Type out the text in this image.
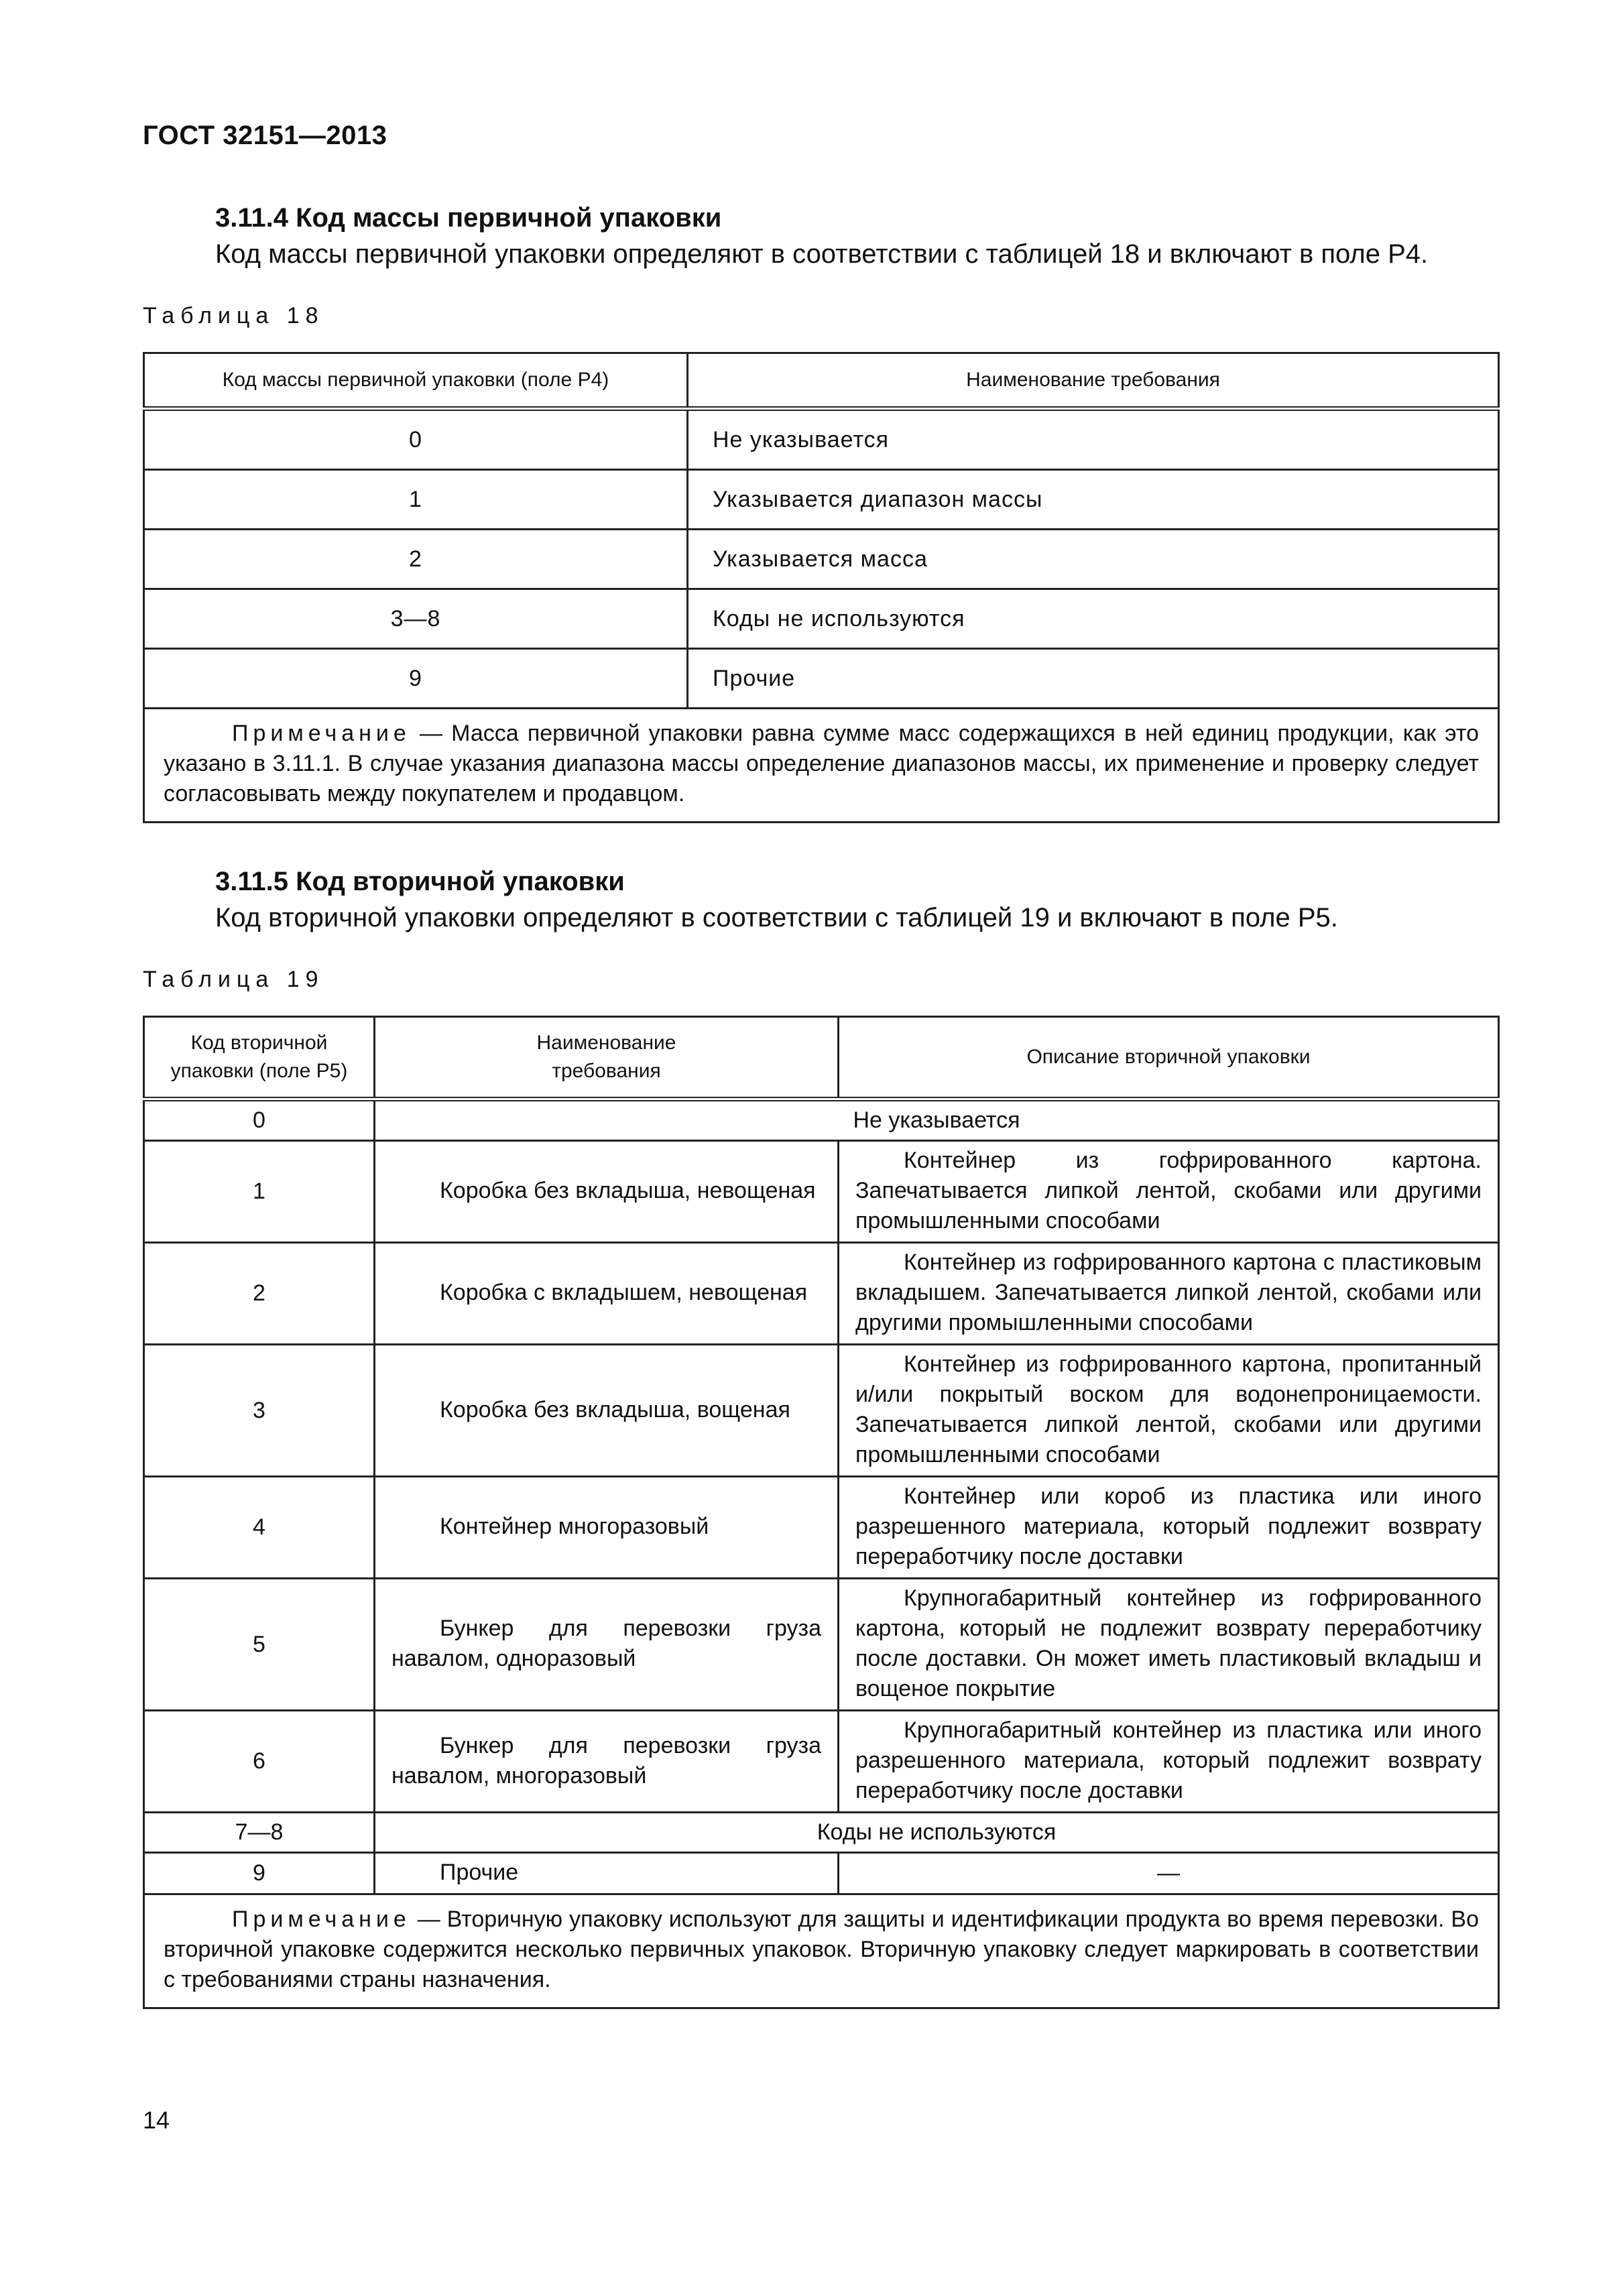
ГОСТ 32151—2013
3.11.4 Код массы первичной упаковки
Код массы первичной упаковки определяют в соответствии с таблицей 18 и включают в поле P4.
Таблица 18
Код массы первичной упаковки (поле P4)	Наименование требования
0	Не указывается
1	Указывается диапазон массы
2	Указывается масса
3—8	Коды не используются
9	Прочие
Примечание — Масса первичной упаковки равна сумме масс содержащихся в ней единиц продукции, как это указано в 3.11.1. В случае указания диапазона массы определение диапазонов массы, их применение и проверку следует согласовывать между покупателем и продавцом.	
3.11.5 Код вторичной упаковки
Код вторичной упаковки определяют в соответствии с таблицей 19 и включают в поле P5.
Таблица 19
Код вторичной упаковки (поле P5)	Наименование требования	Описание вторичной упаковки
0	Не указывается	
1	Коробка без вкладыша, невощеная	Контейнер из гофрированного картона. Запечатывается липкой лентой, скобами или другими промышленными способами
2	Коробка с вкладышем, невощеная	Контейнер из гофрированного картона с пластиковым вкладышем. Запечатывается липкой лентой, скобами или другими промышленными способами
3	Коробка без вкладыша, вощеная	Контейнер из гофрированного картона, пропитанный и/или покрытый воском для водонепроницаемости. Запечатывается липкой лентой, скобами или другими промышленными способами
4	Контейнер многоразовый	Контейнер или короб из пластика или иного разрешенного материала, который подлежит возврату переработчику после доставки
5	Бункер для перевозки груза навалом, одноразовый	Крупногабаритный контейнер из гофрированного картона, который не подлежит возврату переработчику после доставки. Он может иметь пластиковый вкладыш и вощеное покрытие
6	Бункер для перевозки груза навалом, многоразовый	Крупногабаритный контейнер из пластика или иного разрешенного материала, который подлежит возврату переработчику после доставки
7—8	Коды не используются	
9	Прочие	—
Примечание — Вторичную упаковку используют для защиты и идентификации продукта во время перевозки. Во вторичной упаковке содержится несколько первичных упаковок. Вторичную упаковку следует маркировать в соответствии с требованиями страны назначения.		
14
